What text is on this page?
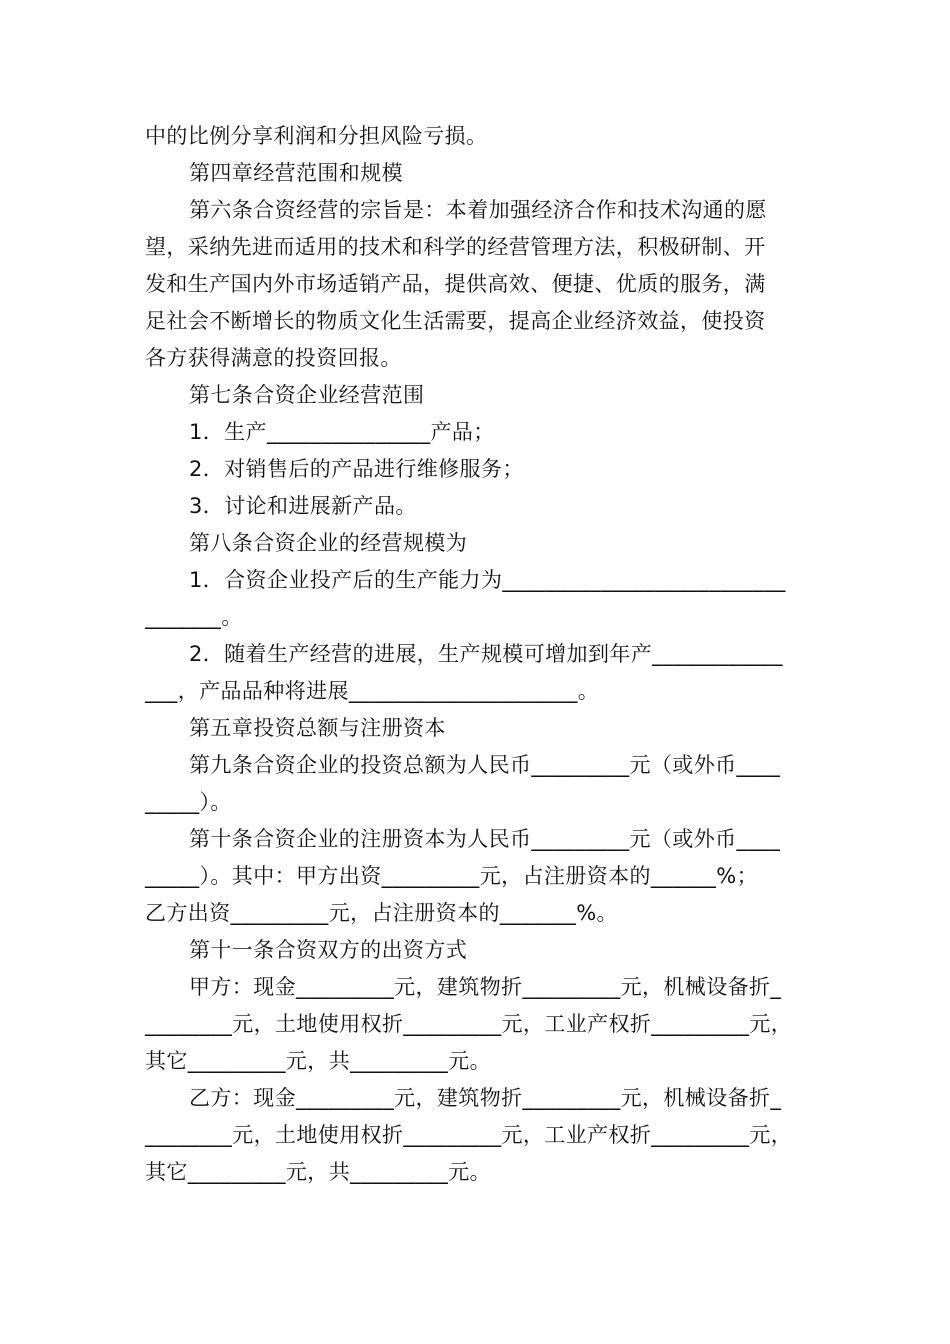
中的比例分享利润和分担风险亏损。
第四章经营范围和规模
第六条合资经营的宗旨是：本着加强经济合作和技术沟通的愿
望，采纳先进而适用的技术和科学的经营管理方法，积极研制、开
发和生产国内外市场适销产品，提供高效、便捷、优质的服务，满
足社会不断增长的物质文化生活需要，提高企业经济效益，使投资
各方获得满意的投资回报。
第七条合资企业经营范围
1．生产_______________产品；
2．对销售后的产品进行维修服务；
3．讨论和进展新产品。
第八条合资企业的经营规模为
1．合资企业投产后的生产能力为__________________________
_______。
2．随着生产经营的进展，生产规模可增加到年产____________
___，产品品种将进展_____________________。
第五章投资总额与注册资本
第九条合资企业的投资总额为人民币_________元（或外币____
_____）。
第十条合资企业的注册资本为人民币_________元（或外币____
_____）。其中：甲方出资_________元，占注册资本的______%；
乙方出资_________元，占注册资本的_______%。
第十一条合资双方的出资方式
甲方：现金_________元，建筑物折_________元，机械设备折_
________元，土地使用权折_________元，工业产权折_________元，
其它_________元，共_________元。
乙方：现金_________元，建筑物折_________元，机械设备折_
________元，土地使用权折_________元，工业产权折_________元，
其它_________元，共_________元。
